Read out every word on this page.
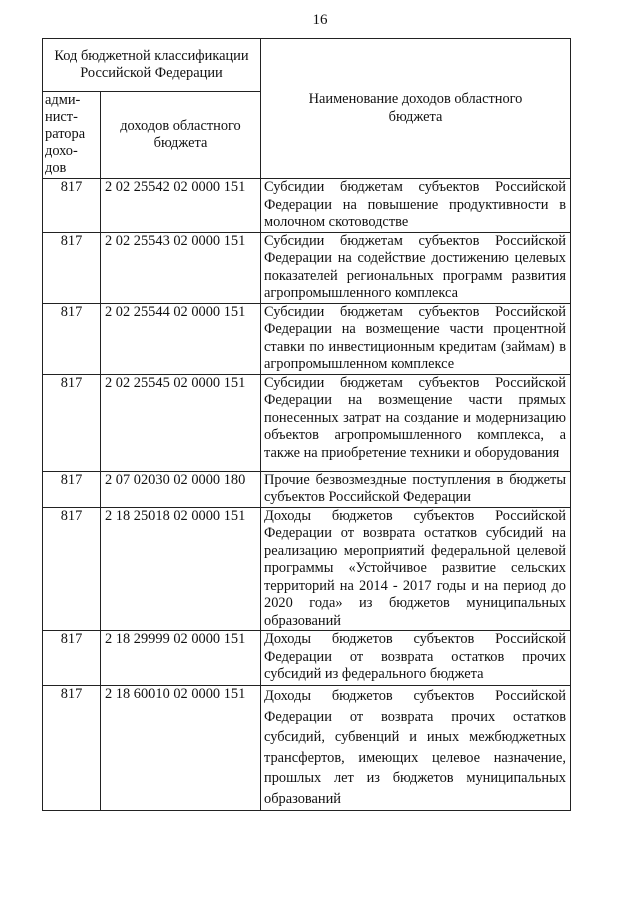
16
Код бюджетной классификации Российской Федерации		Наименование доходов областного бюджета
адми-нист-ратора дохо-дов	доходов областного бюджета	
817	2 02 25542 02 0000 151	Субсидии бюджетам субъектов Российской Федерации на повышение продуктивности в молочном скотоводстве
817	2 02 25543 02 0000 151	Субсидии бюджетам субъектов Российской Федерации на содействие достижению целевых показателей региональных программ развития агропромышленного комплекса
817	2 02 25544 02 0000 151	Субсидии бюджетам субъектов Российской Федерации на возмещение части процентной ставки по инвестиционным кредитам (займам) в агропромышленном комплексе
817	2 02 25545 02 0000 151	Субсидии бюджетам субъектов Российской Федерации на возмещение части прямых понесенных затрат на создание и модернизацию объектов агропромышленного комплекса, а также на приобретение техники и оборудования
817	2 07 02030 02 0000 180	Прочие безвозмездные поступления в бюджеты субъектов Российской Федерации
817	2 18 25018 02 0000 151	Доходы бюджетов субъектов Российской Федерации от возврата остатков субсидий на реализацию мероприятий федеральной целевой программы «Устойчивое развитие сельских территорий на 2014 - 2017 годы и на период до 2020 года» из бюджетов муниципальных образований
817	2 18 29999 02 0000 151	Доходы бюджетов субъектов Российской Федерации от возврата остатков прочих субсидий из федерального бюджета
817	2 18 60010 02 0000 151	Доходы бюджетов субъектов Российской Федерации от возврата прочих остатков субсидий, субвенций и иных межбюджетных трансфертов, имеющих целевое назначение, прошлых лет из бюджетов муниципальных образований
